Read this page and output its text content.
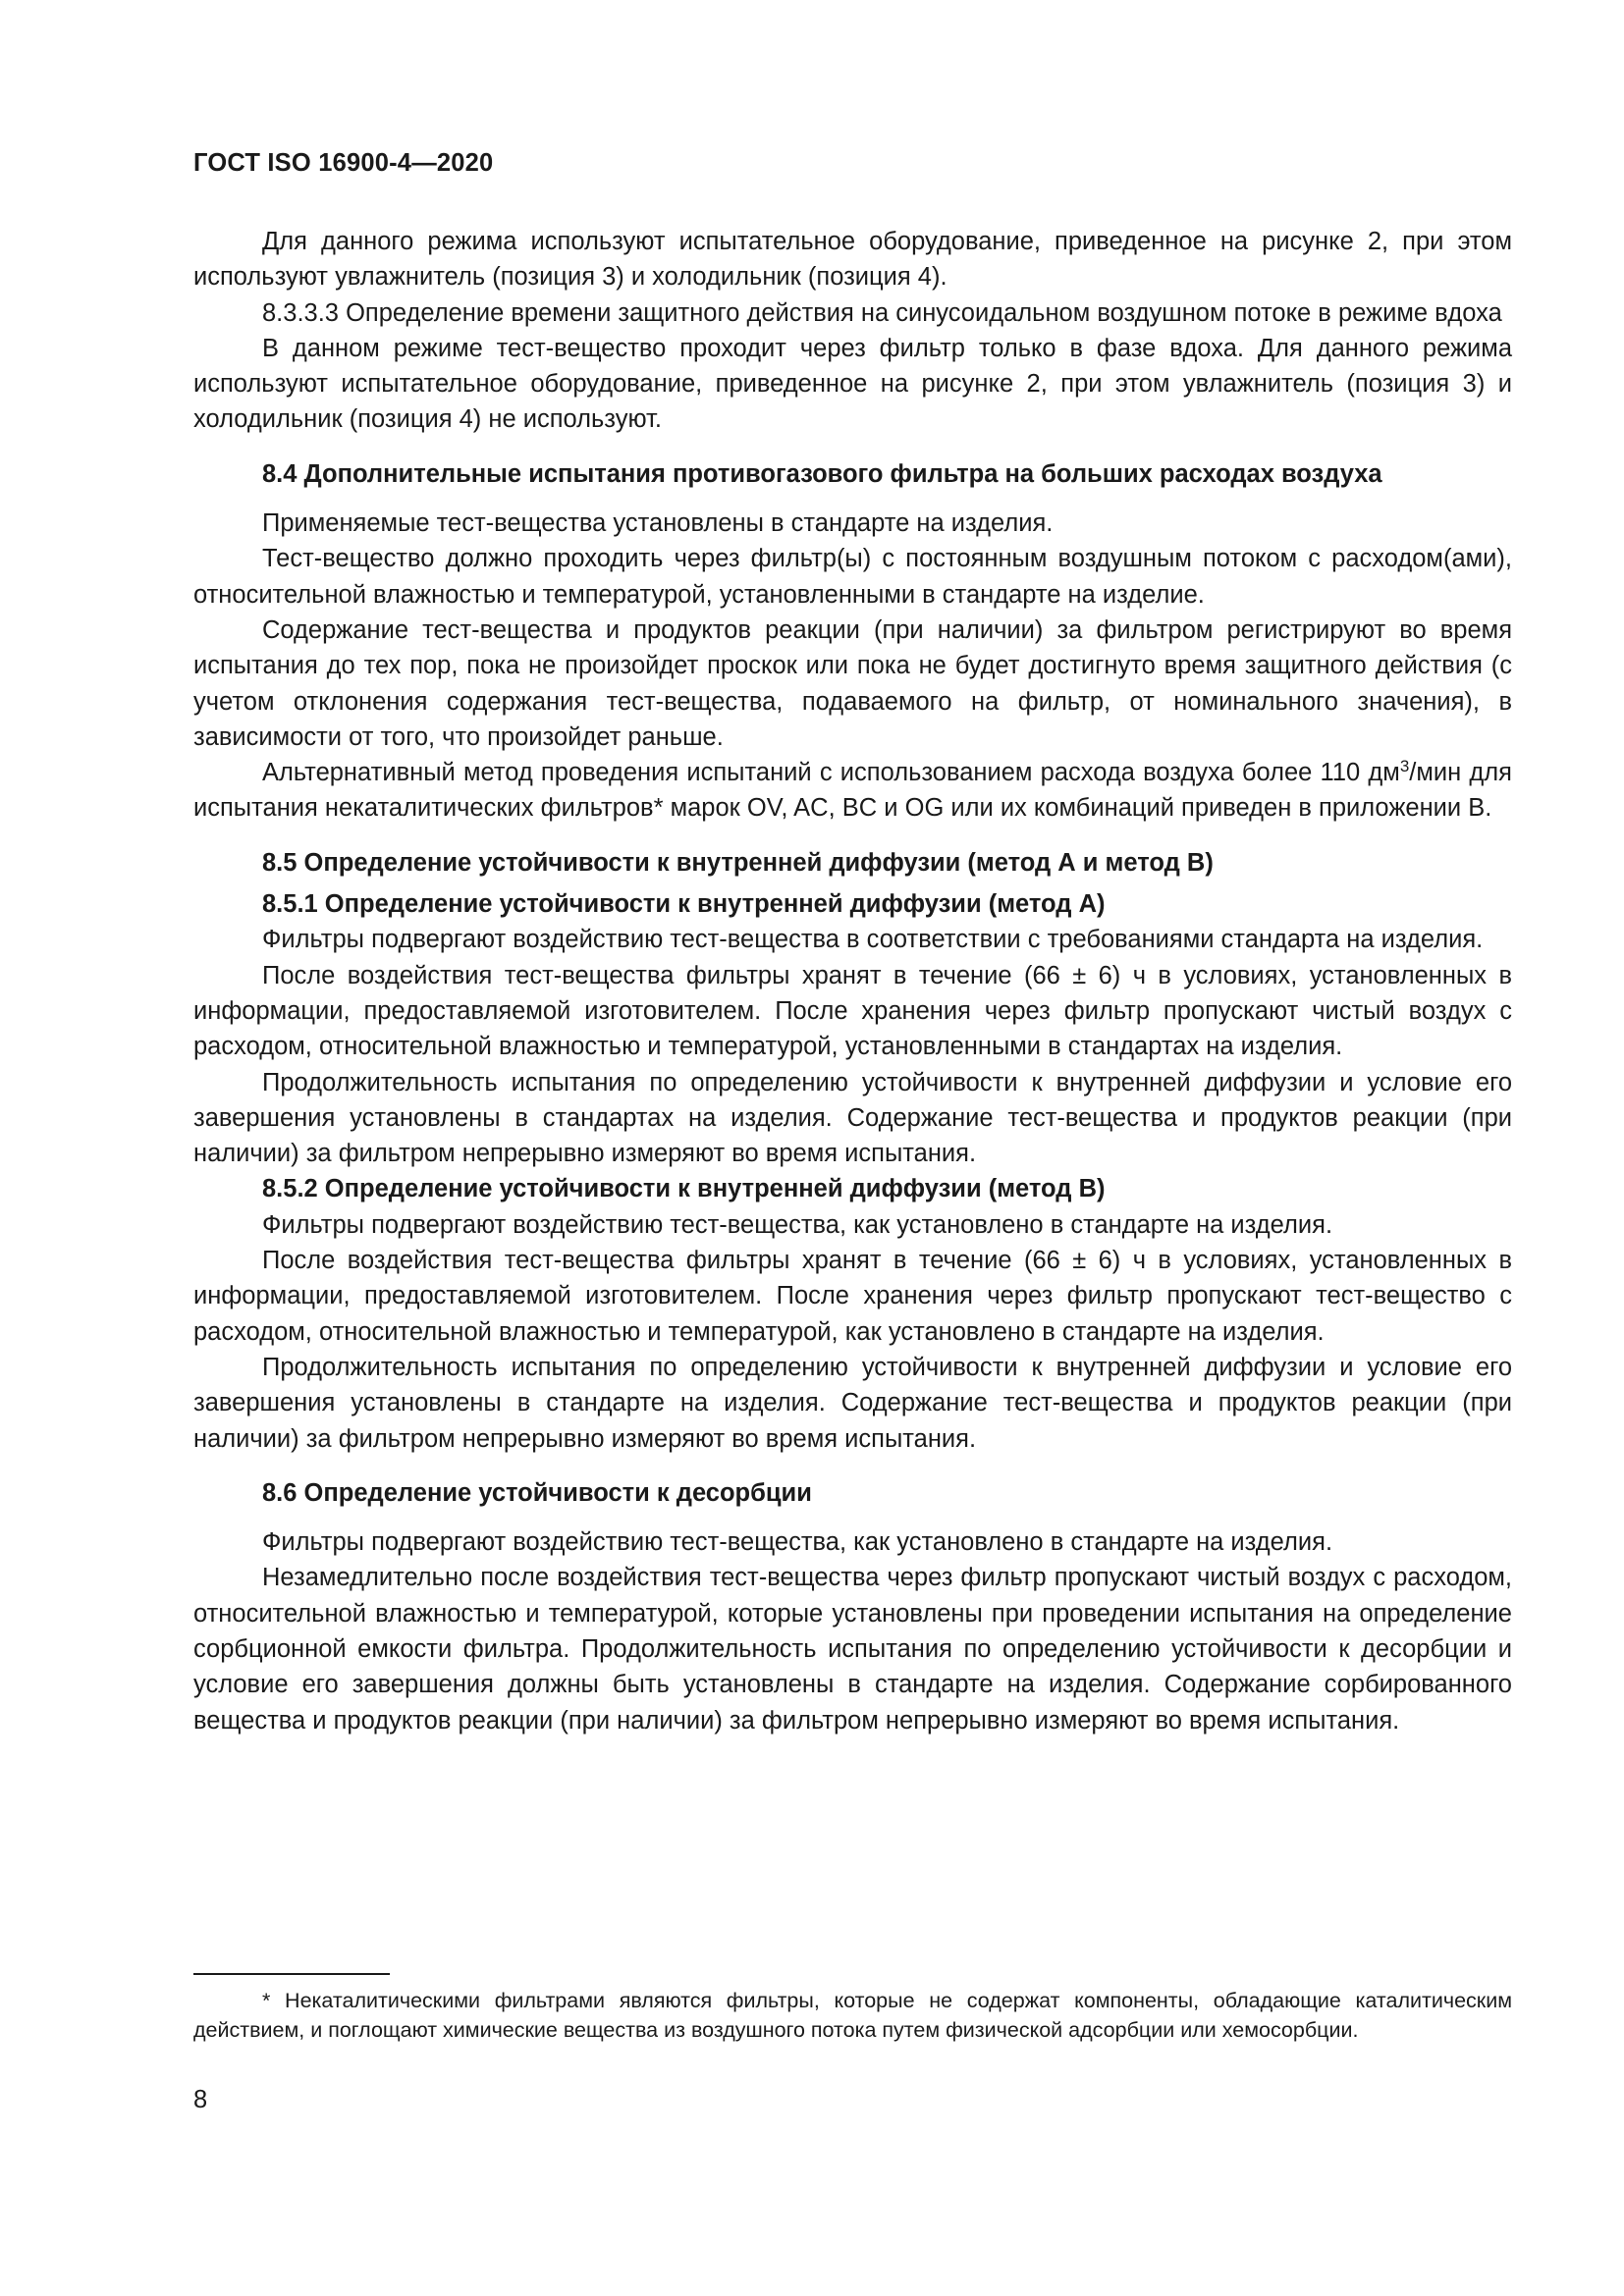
ГОСТ ISO 16900-4—2020

Для данного режима используют испытательное оборудование, приведенное на рисунке 2, при этом используют увлажнитель (позиция 3) и холодильник (позиция 4).

8.3.3.3 Определение времени защитного действия на синусоидальном воздушном потоке в режиме вдоха

В данном режиме тест-вещество проходит через фильтр только в фазе вдоха. Для данного режима используют испытательное оборудование, приведенное на рисунке 2, при этом увлажнитель (позиция 3) и холодильник (позиция 4) не используют.

8.4 Дополнительные испытания противогазового фильтра на больших расходах воздуха

Применяемые тест-вещества установлены в стандарте на изделия.

Тест-вещество должно проходить через фильтр(ы) с постоянным воздушным потоком с расходом(ами), относительной влажностью и температурой, установленными в стандарте на изделие.

Содержание тест-вещества и продуктов реакции (при наличии) за фильтром регистрируют во время испытания до тех пор, пока не произойдет проскок или пока не будет достигнуто время защитного действия (с учетом отклонения содержания тест-вещества, подаваемого на фильтр, от номинального значения), в зависимости от того, что произойдет раньше.

Альтернативный метод проведения испытаний с использованием расхода воздуха более 110 $дм^3$/мин для испытания некаталитических фильтров* марок OV, AC, BC и OG или их комбинаций приведен в приложении В.

8.5 Определение устойчивости к внутренней диффузии (метод А и метод В)

8.5.1 Определение устойчивости к внутренней диффузии (метод А)

Фильтры подвергают воздействию тест-вещества в соответствии с требованиями стандарта на изделия.

После воздействия тест-вещества фильтры хранят в течение (66 ± 6) ч в условиях, установленных в информации, предоставляемой изготовителем. После хранения через фильтр пропускают чистый воздух с расходом, относительной влажностью и температурой, установленными в стандартах на изделия.

Продолжительность испытания по определению устойчивости к внутренней диффузии и условие его завершения установлены в стандартах на изделия. Содержание тест-вещества и продуктов реакции (при наличии) за фильтром непрерывно измеряют во время испытания.

8.5.2 Определение устойчивости к внутренней диффузии (метод В)

Фильтры подвергают воздействию тест-вещества, как установлено в стандарте на изделия.

После воздействия тест-вещества фильтры хранят в течение (66 ± 6) ч в условиях, установленных в информации, предоставляемой изготовителем. После хранения через фильтр пропускают тест-вещество с расходом, относительной влажностью и температурой, как установлено в стандарте на изделия.

Продолжительность испытания по определению устойчивости к внутренней диффузии и условие его завершения установлены в стандарте на изделия. Содержание тест-вещества и продуктов реакции (при наличии) за фильтром непрерывно измеряют во время испытания.

8.6 Определение устойчивости к десорбции

Фильтры подвергают воздействию тест-вещества, как установлено в стандарте на изделия.

Незамедлительно после воздействия тест-вещества через фильтр пропускают чистый воздух с расходом, относительной влажностью и температурой, которые установлены при проведении испытания на определение сорбционной емкости фильтра. Продолжительность испытания по определению устойчивости к десорбции и условие его завершения должны быть установлены в стандарте на изделия. Содержание сорбированного вещества и продуктов реакции (при наличии) за фильтром непрерывно измеряют во время испытания.

* Некаталитическими фильтрами являются фильтры, которые не содержат компоненты, обладающие каталитическим действием, и поглощают химические вещества из воздушного потока путем физической адсорбции или хемосорбции.

8
